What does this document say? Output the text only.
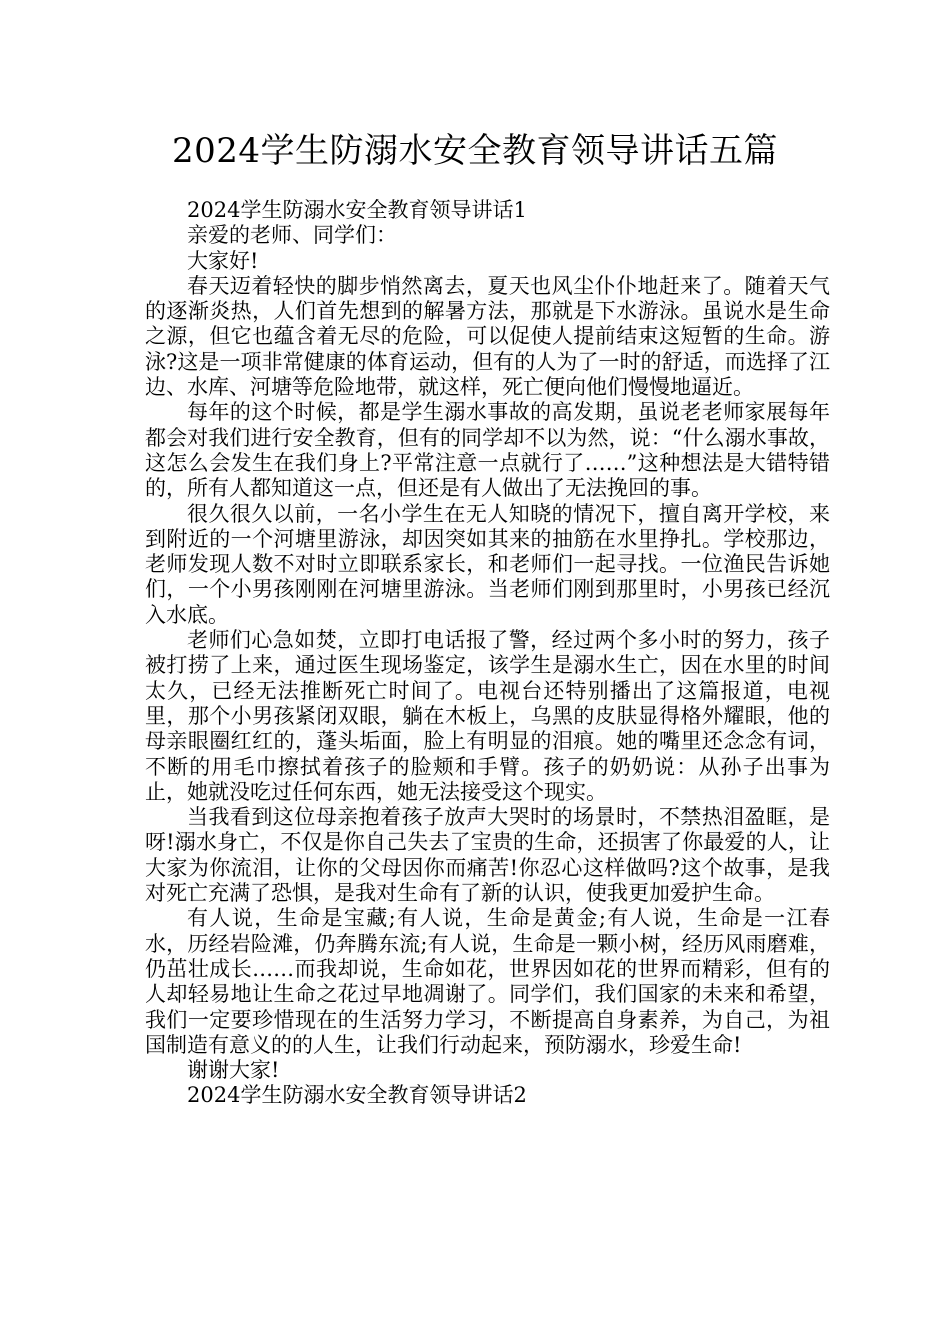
2024学生防溺水安全教育领导讲话五篇

2024学生防溺水安全教育领导讲话1

亲爱的老师、同学们：

大家好!

春天迈着轻快的脚步悄然离去，夏天也风尘仆仆地赶来了。随着天气的逐渐炎热，人们首先想到的解暑方法，那就是下水游泳。虽说水是生命之源，但它也蕴含着无尽的危险，可以促使人提前结束这短暂的生命。游泳?这是一项非常健康的体育运动，但有的人为了一时的舒适，而选择了江边、水库、河塘等危险地带，就这样，死亡便向他们慢慢地逼近。

每年的这个时候，都是学生溺水事故的高发期，虽说老老师家展每年都会对我们进行安全教育，但有的同学却不以为然，说：“什么溺水事故，这怎么会发生在我们身上?平常注意一点就行了……”这种想法是大错特错的，所有人都知道这一点，但还是有人做出了无法挽回的事。

很久很久以前，一名小学生在无人知晓的情况下，擅自离开学校，来到附近的一个河塘里游泳，却因突如其来的抽筋在水里挣扎。学校那边，老师发现人数不对时立即联系家长，和老师们一起寻找。一位渔民告诉她们，一个小男孩刚刚在河塘里游泳。当老师们刚到那里时，小男孩已经沉入水底。

老师们心急如焚，立即打电话报了警，经过两个多小时的努力，孩子被打捞了上来，通过医生现场鉴定，该学生是溺水生亡，因在水里的时间太久，已经无法推断死亡时间了。电视台还特别播出了这篇报道，电视里，那个小男孩紧闭双眼，躺在木板上，乌黑的皮肤显得格外耀眼，他的母亲眼圈红红的，蓬头垢面，脸上有明显的泪痕。她的嘴里还念念有词，不断的用毛巾擦拭着孩子的脸颊和手臂。孩子的奶奶说：从孙子出事为止，她就没吃过任何东西，她无法接受这个现实。

当我看到这位母亲抱着孩子放声大哭时的场景时，不禁热泪盈眶，是呀!溺水身亡，不仅是你自己失去了宝贵的生命，还损害了你最爱的人，让大家为你流泪，让你的父母因你而痛苦!你忍心这样做吗?这个故事，是我对死亡充满了恐惧，是我对生命有了新的认识，使我更加爱护生命。

有人说，生命是宝藏;有人说，生命是黄金;有人说，生命是一江春水，历经岩险滩，仍奔腾东流;有人说，生命是一颗小树，经历风雨磨难，仍茁壮成长……而我却说，生命如花，世界因如花的世界而精彩，但有的人却轻易地让生命之花过早地凋谢了。同学们，我们国家的未来和希望，我们一定要珍惜现在的生活努力学习，不断提高自身素养，为自己，为祖国制造有意义的的人生，让我们行动起来，预防溺水，珍爱生命!

谢谢大家!

2024学生防溺水安全教育领导讲话2
